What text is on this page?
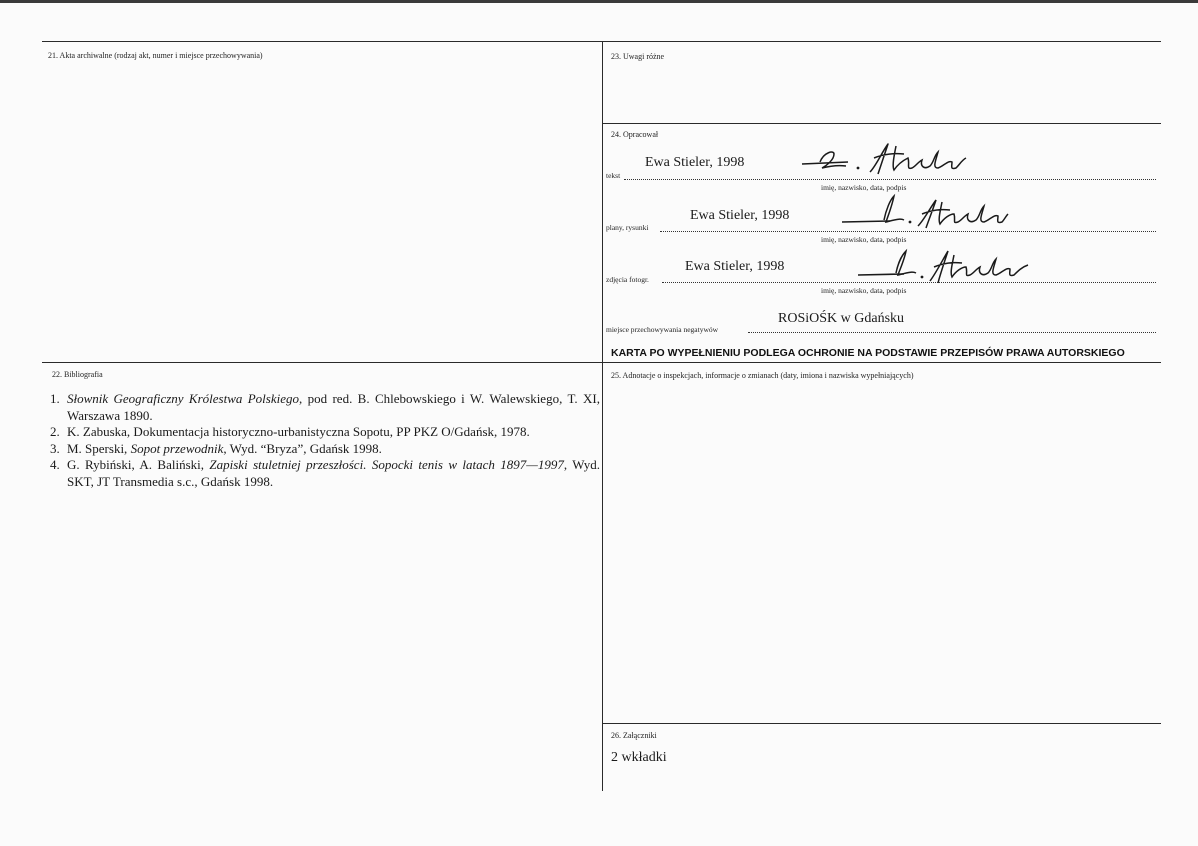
21. Akta archiwalne (rodzaj akt, numer i miejsce przechowywania)
22. Bibliografia
23. Uwagi różne
24. Opracował
25. Adnotacje o inspekcjach, informacje o zmianach (daty, imiona i nazwiska wypełniających)
26. Załączniki
Ewa Stieler, 1998
tekst
imię, nazwisko, data, podpis
Ewa Stieler, 1998
plany, rysunki
imię, nazwisko, data, podpis
Ewa Stieler, 1998
zdjęcia fotogr.
imię, nazwisko, data, podpis
ROSiOŚK w Gdańsku
miejsce przechowywania negatywów
KARTA PO WYPEŁNIENIU PODLEGA OCHRONIE NA PODSTAWIE PRZEPISÓW PRAWA AUTORSKIEGO
1. Słownik Geograficzny Królestwa Polskiego, pod red. B. Chlebowskiego i W. Walewskiego, T. XI, Warszawa 1890.
2. K. Zabuska, Dokumentacja historyczno-urbanistyczna Sopotu, PP PKZ O/Gdańsk, 1978.
3. M. Sperski, Sopot przewodnik, Wyd. “Bryza”, Gdańsk 1998.
4. G. Rybiński, A. Baliński, Zapiski stuletniej przeszłości. Sopocki tenis w latach 1897—1997, Wyd. SKT, JT Transmedia s.c., Gdańsk 1998.
2 wkładki
